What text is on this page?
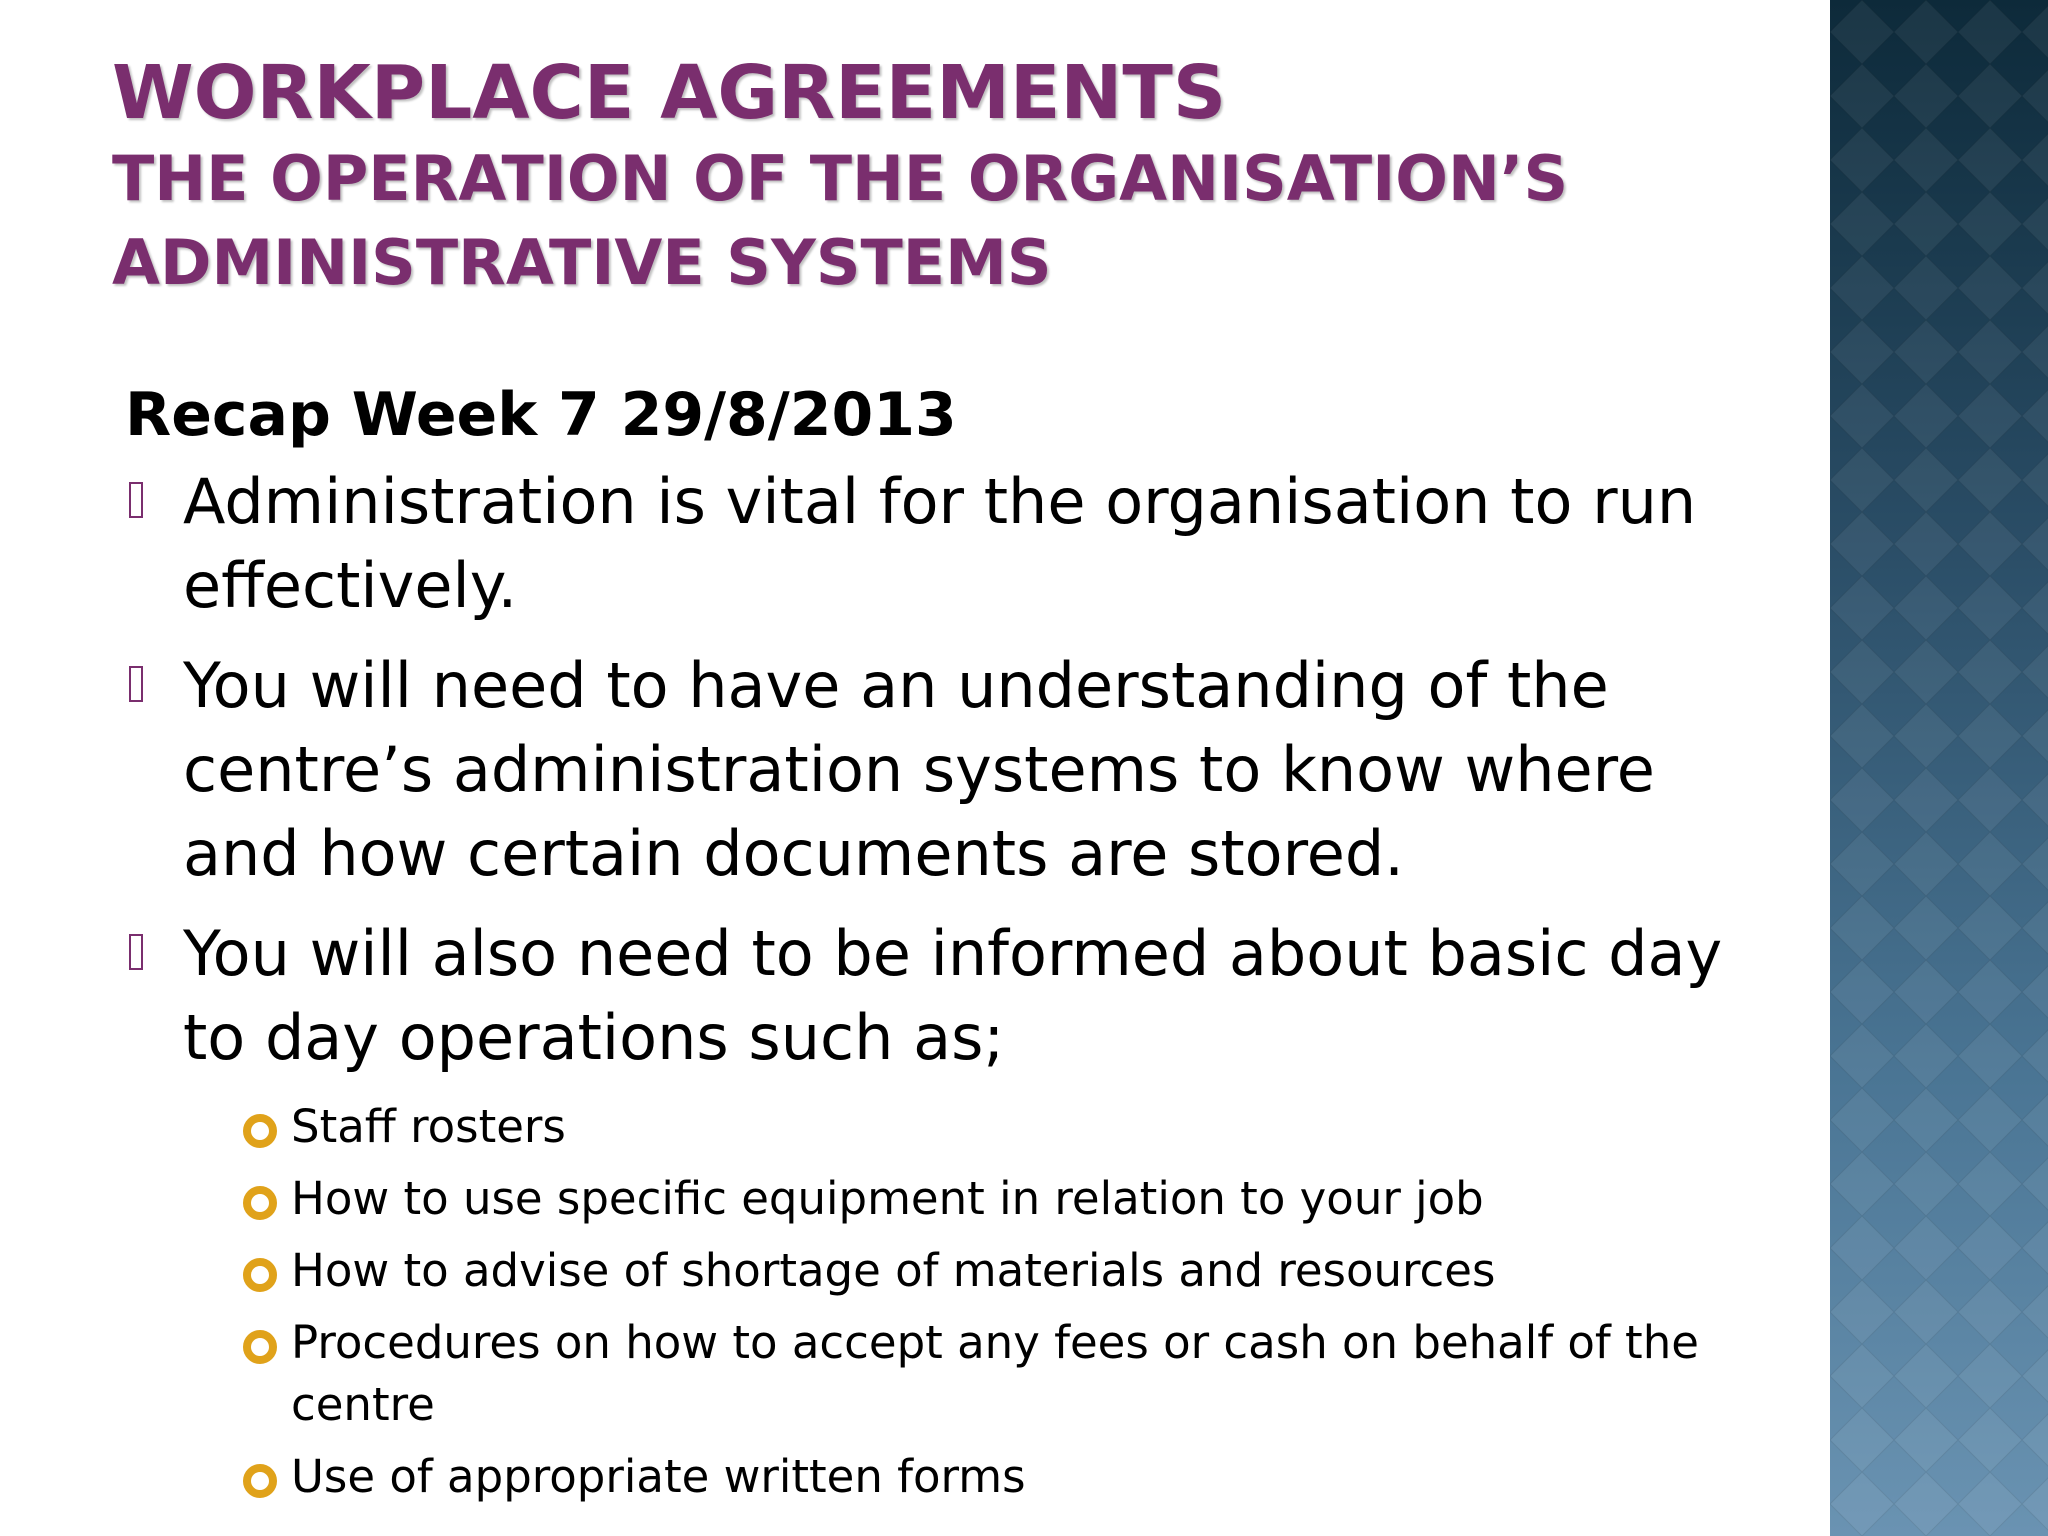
WORKPLACE AGREEMENTS
THE OPERATION OF THE ORGANISATION’S
ADMINISTRATIVE SYSTEMS
Recap Week 7 29/8/2013
Administration is vital for the organisation to run effectively.
You will need to have an understanding of the centre’s administration systems to know where and how certain documents are stored.
You will also need to be informed about basic day to day operations such as;
Staff rosters
How to use specific equipment in relation to your job
How to advise of shortage of materials and resources
Procedures on how to accept any fees or cash on behalf of the centre
Use of appropriate written forms
